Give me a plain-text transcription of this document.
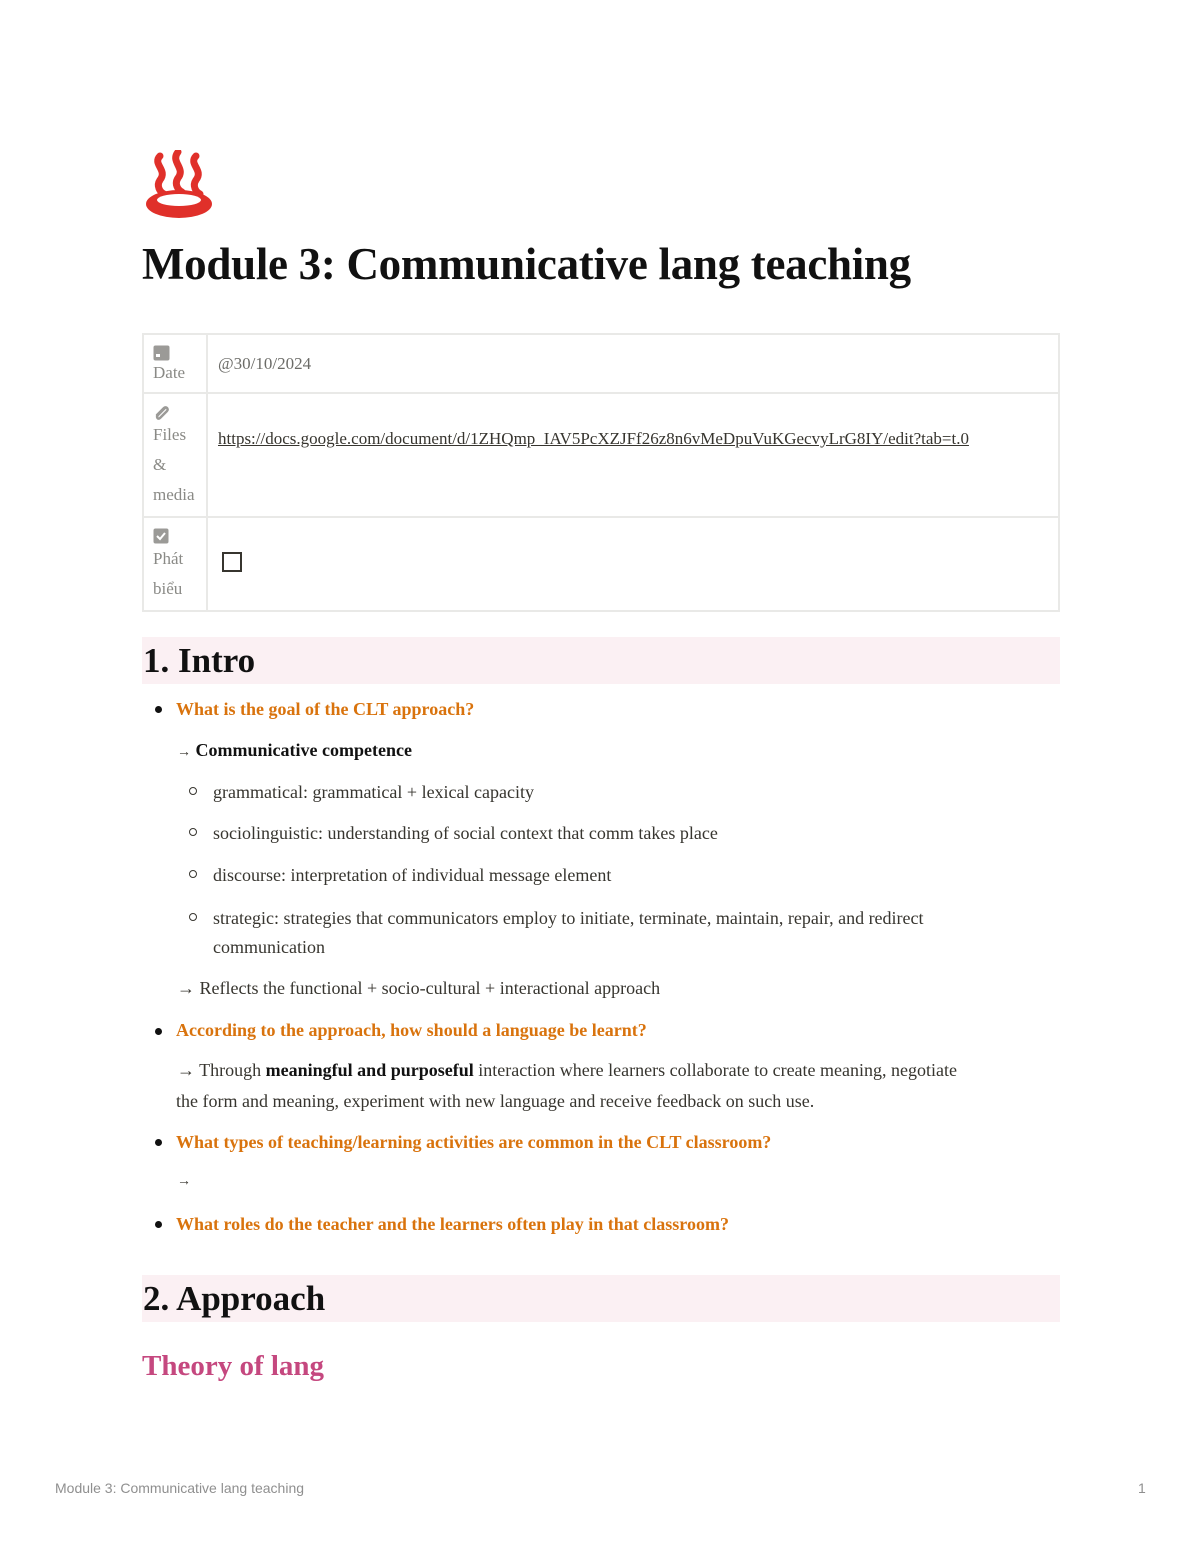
Module 3: Communicative lang teaching
Date	@30/10/2024

Files
&
media	https://docs.google.com/document/d/1ZHQmp_IAV5PcXZJFf26z8n6vMeDpuVuKGecvyLrG8IY/edit?tab=t.0

Phát
biểu	

1. Intro
What is the goal of the CLT approach?
→ Communicative competence
grammatical: grammatical + lexical capacity
sociolinguistic: understanding of social context that comm takes place
discourse: interpretation of individual message element
strategic: strategies that communicators employ to initiate, terminate, maintain, repair, and redirect
communication
→ Reflects the functional + socio-cultural + interactional approach
According to the approach, how should a language be learnt?
→ Through meaningful and purposeful interaction where learners collaborate to create meaning, negotiate
the form and meaning, experiment with new language and receive feedback on such use.
What types of teaching/learning activities are common in the CLT classroom?
→
What roles do the teacher and the learners often play in that classroom?
2. Approach
Theory of lang
Module 3: Communicative lang teaching	1
